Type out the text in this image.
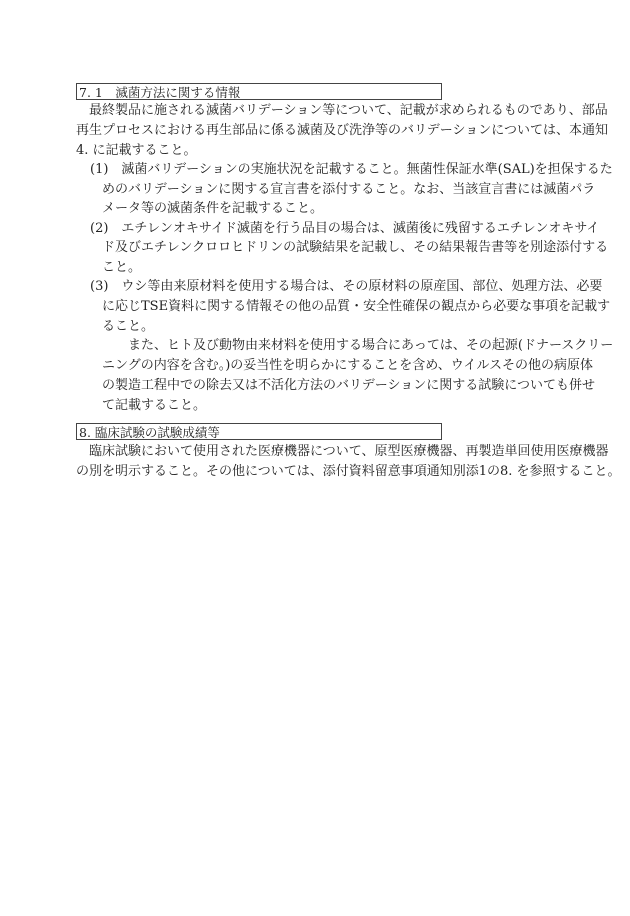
7. 1　滅菌方法に関する情報
　最終製品に施される滅菌バリデーション等について、記載が求められるものであり、部品
再生プロセスにおける再生部品に係る滅菌及び洗浄等のバリデーションについては、本通知
4. に記載すること。
(1)　滅菌バリデーションの実施状況を記載すること。無菌性保証水準(SAL)を担保するた
めのバリデーションに関する宣言書を添付すること。なお、当該宣言書には滅菌パラ
メータ等の滅菌条件を記載すること。
(2)　エチレンオキサイド滅菌を行う品目の場合は、滅菌後に残留するエチレンオキサイ
ド及びエチレンクロロヒドリンの試験結果を記載し、その結果報告書等を別途添付する
こと。
(3)　ウシ等由来原材料を使用する場合は、その原材料の原産国、部位、処理方法、必要
に応じTSE資料に関する情報その他の品質・安全性確保の観点から必要な事項を記載す
ること。
　　また、ヒト及び動物由来材料を使用する場合にあっては、その起源(ドナースクリー
ニングの内容を含む。)の妥当性を明らかにすることを含め、ウイルスその他の病原体
の製造工程中での除去又は不活化方法のバリデーションに関する試験についても併せ
て記載すること。
8. 臨床試験の試験成績等
　臨床試験において使用された医療機器について、原型医療機器、再製造単回使用医療機器
の別を明示すること。その他については、添付資料留意事項通知別添1の8. を参照すること。
